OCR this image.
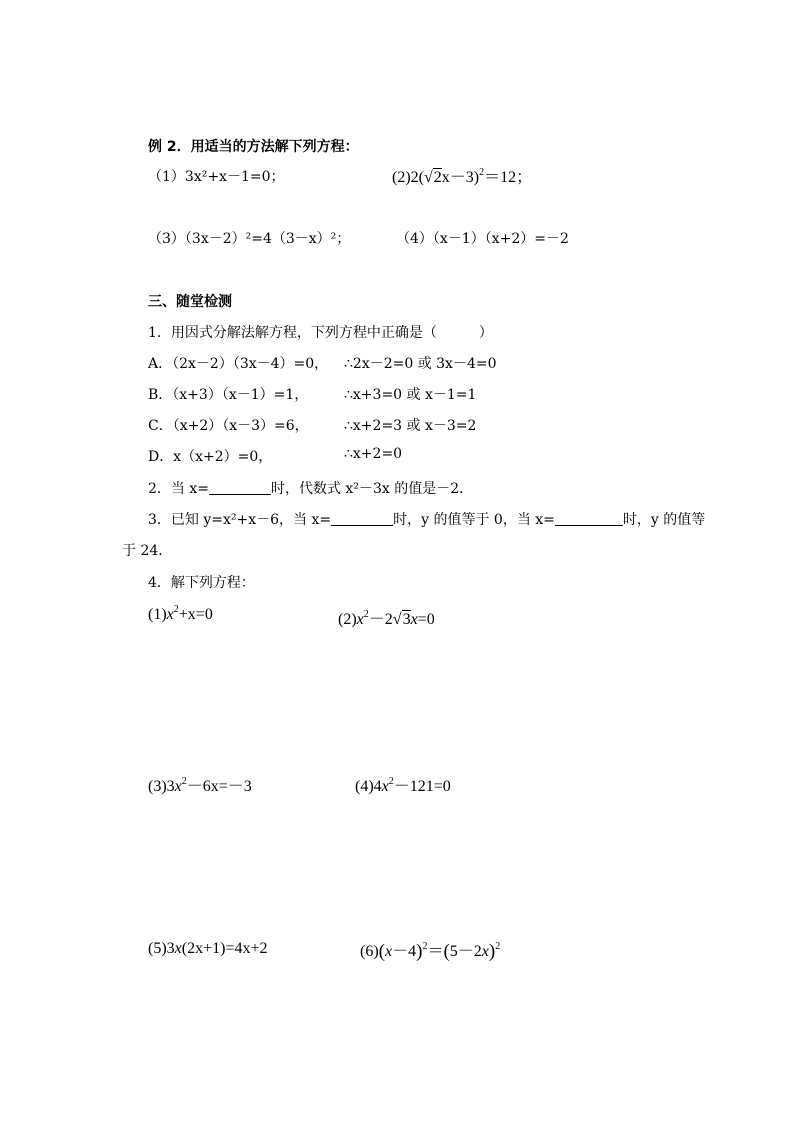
例 2．用适当的方法解下列方程：
（1）3x²+x－1=0；	$(2)2(√2x-3)^2=12$；
（3）（3x－2）²=4（3－x）²；	（4）（x－1）（x+2）=－2
三、随堂检测
1．用因式分解法解方程，下列方程中正确是（　　　）
A．（2x－2）（3x－4）=0， ∴2x－2=0 或 3x－4=0
B．（x+3）（x－1）=1，	∴x+3=0 或 x－1=1
C．（x+2）（x－3）=6，	∴x+2=3 或 x－3=2
D．x（x+2）=0，	∴x+2=0
2．当 x=	时，代数式 x²－3x 的值是－2．
3．已知 y=x²+x－6，当 x=	时，y 的值等于 0，当 x=	时，y 的值等
于 24．
4．解下列方程：
$(1)x^2+x=0$	$(2)x^2-2√3x=0$
$(3)3x^2-6x=-3$	$(4)4x^2-121=0$
(5)3x(2x+1)=4x+2	$(6)(x-4)^2=(5-2x)^2$
